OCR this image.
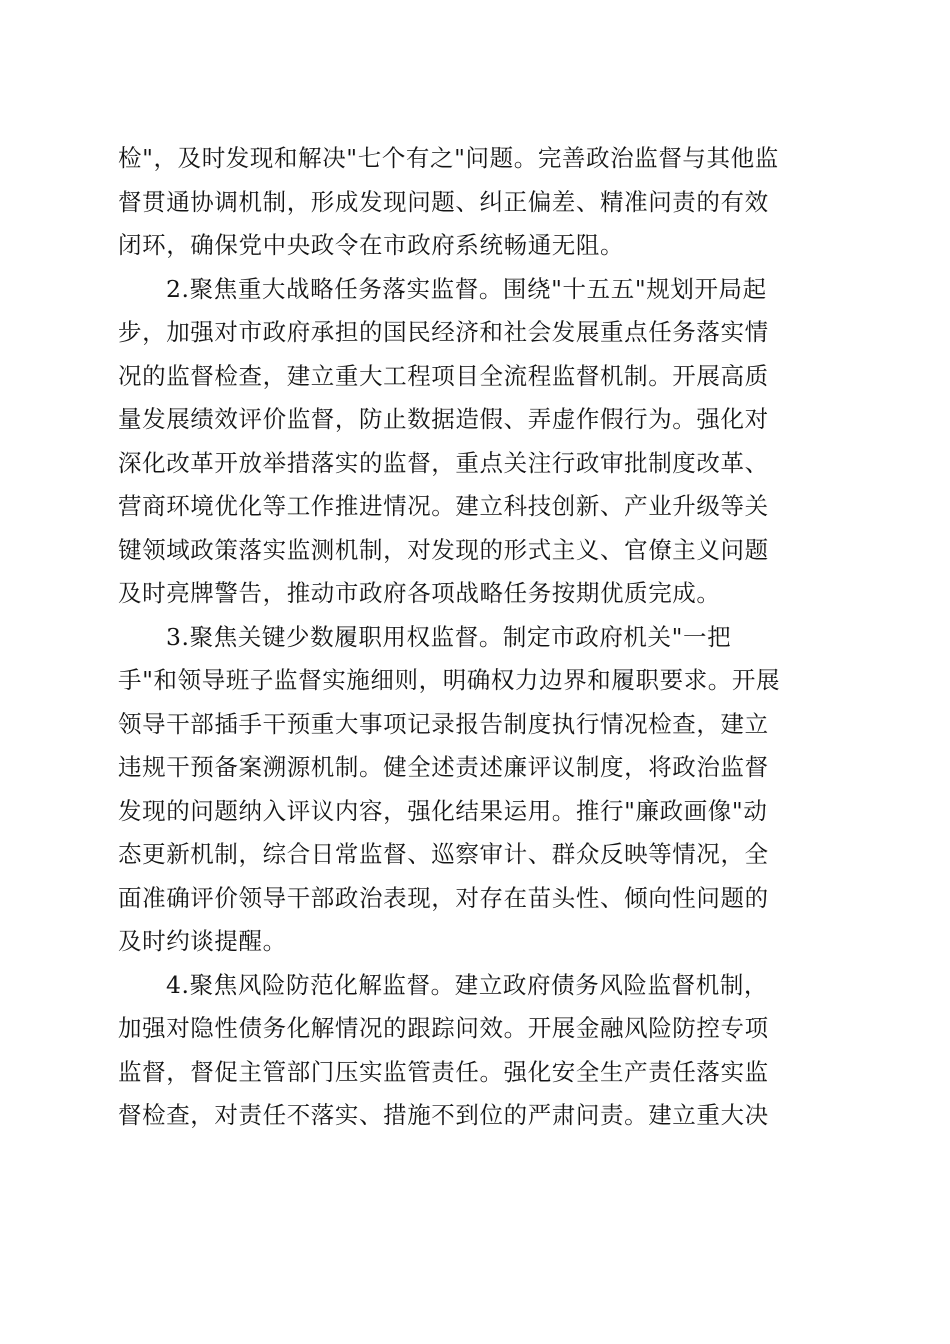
检"，及时发现和解决"七个有之"问题。完善政治监督与其他监
督贯通协调机制，形成发现问题、纠正偏差、精准问责的有效
闭环，确保党中央政令在市政府系统畅通无阻。
2.聚焦重大战略任务落实监督。围绕"十五五"规划开局起
步，加强对市政府承担的国民经济和社会发展重点任务落实情
况的监督检查，建立重大工程项目全流程监督机制。开展高质
量发展绩效评价监督，防止数据造假、弄虚作假行为。强化对
深化改革开放举措落实的监督，重点关注行政审批制度改革、
营商环境优化等工作推进情况。建立科技创新、产业升级等关
键领域政策落实监测机制，对发现的形式主义、官僚主义问题
及时亮牌警告，推动市政府各项战略任务按期优质完成。
3.聚焦关键少数履职用权监督。制定市政府机关"一把
手"和领导班子监督实施细则，明确权力边界和履职要求。开展
领导干部插手干预重大事项记录报告制度执行情况检查，建立
违规干预备案溯源机制。健全述责述廉评议制度，将政治监督
发现的问题纳入评议内容，强化结果运用。推行"廉政画像"动
态更新机制，综合日常监督、巡察审计、群众反映等情况，全
面准确评价领导干部政治表现，对存在苗头性、倾向性问题的
及时约谈提醒。
4.聚焦风险防范化解监督。建立政府债务风险监督机制，
加强对隐性债务化解情况的跟踪问效。开展金融风险防控专项
监督，督促主管部门压实监管责任。强化安全生产责任落实监
督检查，对责任不落实、措施不到位的严肃问责。建立重大决
